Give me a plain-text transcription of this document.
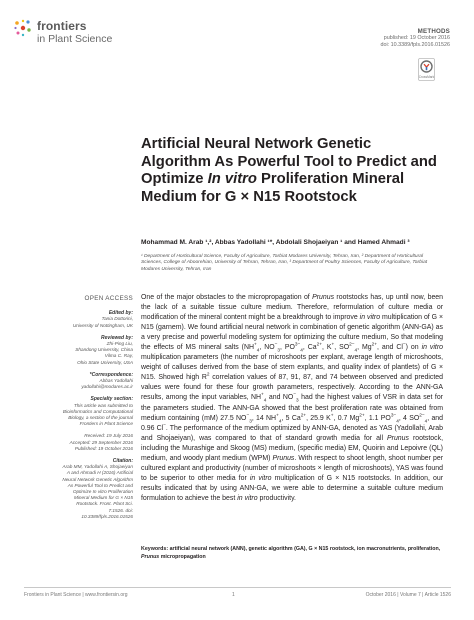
frontiers
in Plant Science
METHODS
published: 19 October 2016
doi: 10.3389/fpls.2016.01526
CrossMark
Artificial Neural Network Genetic Algorithm As Powerful Tool to Predict and Optimize In vitro Proliferation Mineral Medium for G × N15 Rootstock
Mohammad M. Arab ¹,², Abbas Yadollahi ¹*, Abdolali Shojaeiyan ¹ and Hamed Ahmadi ³
¹ Department of Horticultural Science, Faculty of Agriculture, Tarbiat Modares University, Tehran, Iran, ² Department of Horticultural Sciences, College of Aboorehian, University of Tehran, Tehran, Iran, ³ Department of Poultry Sciences, Faculty of Agriculture, Tarbiat Modares University, Tehran, Iran
OPEN ACCESS
Edited by:
Tania Dottorini,
University of Nottingham, UK
Reviewed by:
Zhi-Ping Liu,
Shandong University, China
Vilma C. Ray,
Ohio State University, USA
*Correspondence:
Abbas Yadollahi
yadollahi@modares.ac.ir
Specialty section:
This article was submitted to Bioinformatics and Computational Biology, a section of the journal Frontiers in Plant Science
Received: 19 July 2016
Accepted: 29 September 2016
Published: 19 October 2016
Citation:
Arab MM, Yadollahi A, Shojaeiyan A and Ahmadi H (2016) Artificial Neural Network Genetic Algorithm As Powerful Tool to Predict and Optimize In vitro Proliferation Mineral Medium for G × N15 Rootstock. Front. Plant Sci. 7:1526. doi: 10.3389/fpls.2016.01526

One of the major obstacles to the micropropagation of Prunus rootstocks has, up until now, been the lack of a suitable tissue culture medium. Therefore, reformulation of culture media or modification of the mineral content might be a breakthrough to improve in vitro multiplication of G × N15 (garnem). We found artificial neural network in combination of genetic algorithm (ANN-GA) as a very precise and powerful modeling system for optimizing the culture medium, So that modeling the effects of MS mineral salts ($NH^+_4$, $NO^-_3$, $PO^{3-}_4$, $Ca^{2+}$, K+, $SO^{2-}_4$, $Mg^{2+}$, and Cl−) on in vitro multiplication parameters (the number of microshoots per explant, average length of microshoots, weight of calluses derived from the base of stem explants, and quality index of plantlets) of G × N15. Showed high $R^2$ correlation values of 87, 91, 87, and 74 between observed and predicted values were found for these four growth parameters, respectively. According to the ANN-GA results, among the input variables, $NH^+_4$ and $NO^-_3$ had the highest values of VSR in data set for the parameters studied. The ANN-GA showed that the best proliferation rate was obtained from medium containing (mM) 27.5 $NO^-_3$, 14 $NH^+_4$, 5 $Ca^{2+}$, 25.9 K+, 0.7 $Mg^{2+}$, 1.1 $PO^{3-}_4$, 4 $SO^{2-}_4$, and 0.96 Cl−. The performance of the medium optimized by ANN-GA, denoted as YAS (Yadollahi, Arab and Shojaeiyan), was compared to that of standard growth media for all Prunus rootstock, including the Murashige and Skoog (MS) medium, (specific media) EM, Quoirin and Lepoivre (QL) medium, and woody plant medium (WPM) Prunus. With respect to shoot length, shoot number per cultured explant and productivity (number of microshoots × length of microshoots), YAS was found to be superior to other media for in vitro multiplication of G × N15 rootstocks. In addition, our results indicated that by using ANN-GA, we were able to determine a suitable culture medium formulation to achieve the best in vitro productivity.

Keywords: artificial neural network (ANN), genetic algorithm (GA), G × N15 rootstock, ion macronutrients, proliferation, Prunus micropropagation
Frontiers in Plant Science | www.frontiersin.org	1	October 2016 | Volume 7 | Article 1526
